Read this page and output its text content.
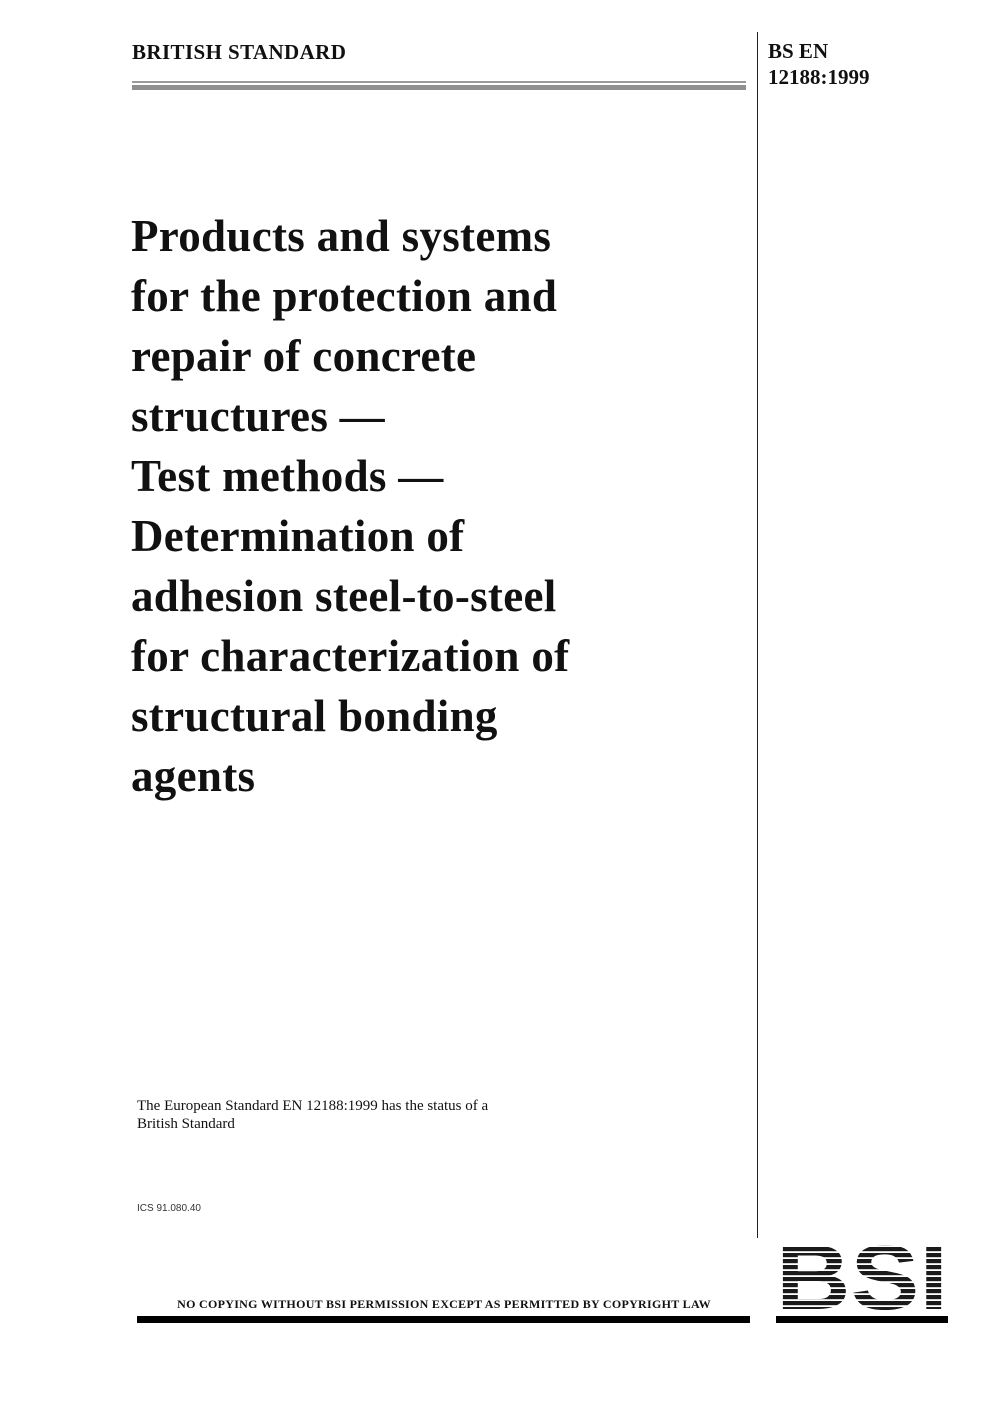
BRITISH STANDARD	BS EN
12188:1999
Products and systems
for the protection and
repair of concrete
structures —
Test methods —
Determination of
adhesion steel-to-steel
for characterization of
structural bonding
agents
The European Standard EN 12188:1999 has the status of a
British Standard
ICS 91.080.40
BSI
NO COPYING WITHOUT BSI PERMISSION EXCEPT AS PERMITTED BY COPYRIGHT LAW
